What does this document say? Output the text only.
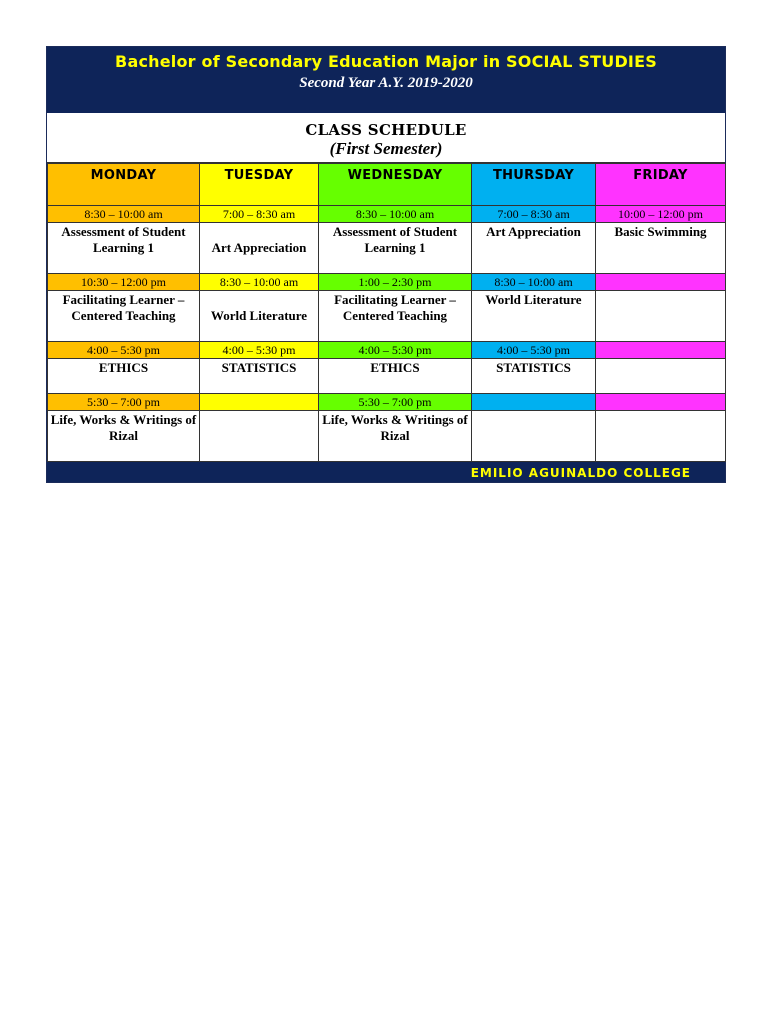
Bachelor of Secondary Education Major in SOCIAL STUDIES
Second Year A.Y. 2019-2020
CLASS SCHEDULE
(First Semester)
MONDAY	TUESDAY	WEDNESDAY	THURSDAY	FRIDAY
8:30 – 10:00 am	7:00 – 8:30 am	8:30 – 10:00 am	7:00 – 8:30 am	10:00 – 12:00 pm
Assessment of Student Learning 1	Art Appreciation	Assessment of Student Learning 1	Art Appreciation	Basic Swimming
10:30 – 12:00 pm	8:30 – 10:00 am	1:00 – 2:30 pm	8:30 – 10:00 am	
Facilitating Learner – Centered Teaching	World Literature	Facilitating Learner – Centered Teaching	World Literature	
4:00 – 5:30 pm	4:00 – 5:30 pm	4:00 – 5:30 pm	4:00 – 5:30 pm	
ETHICS	STATISTICS	ETHICS	STATISTICS	
5:30 – 7:00 pm		5:30 – 7:00 pm		
Life, Works & Writings of Rizal		Life, Works & Writings of Rizal		
EMILIO AGUINALDO COLLEGE
